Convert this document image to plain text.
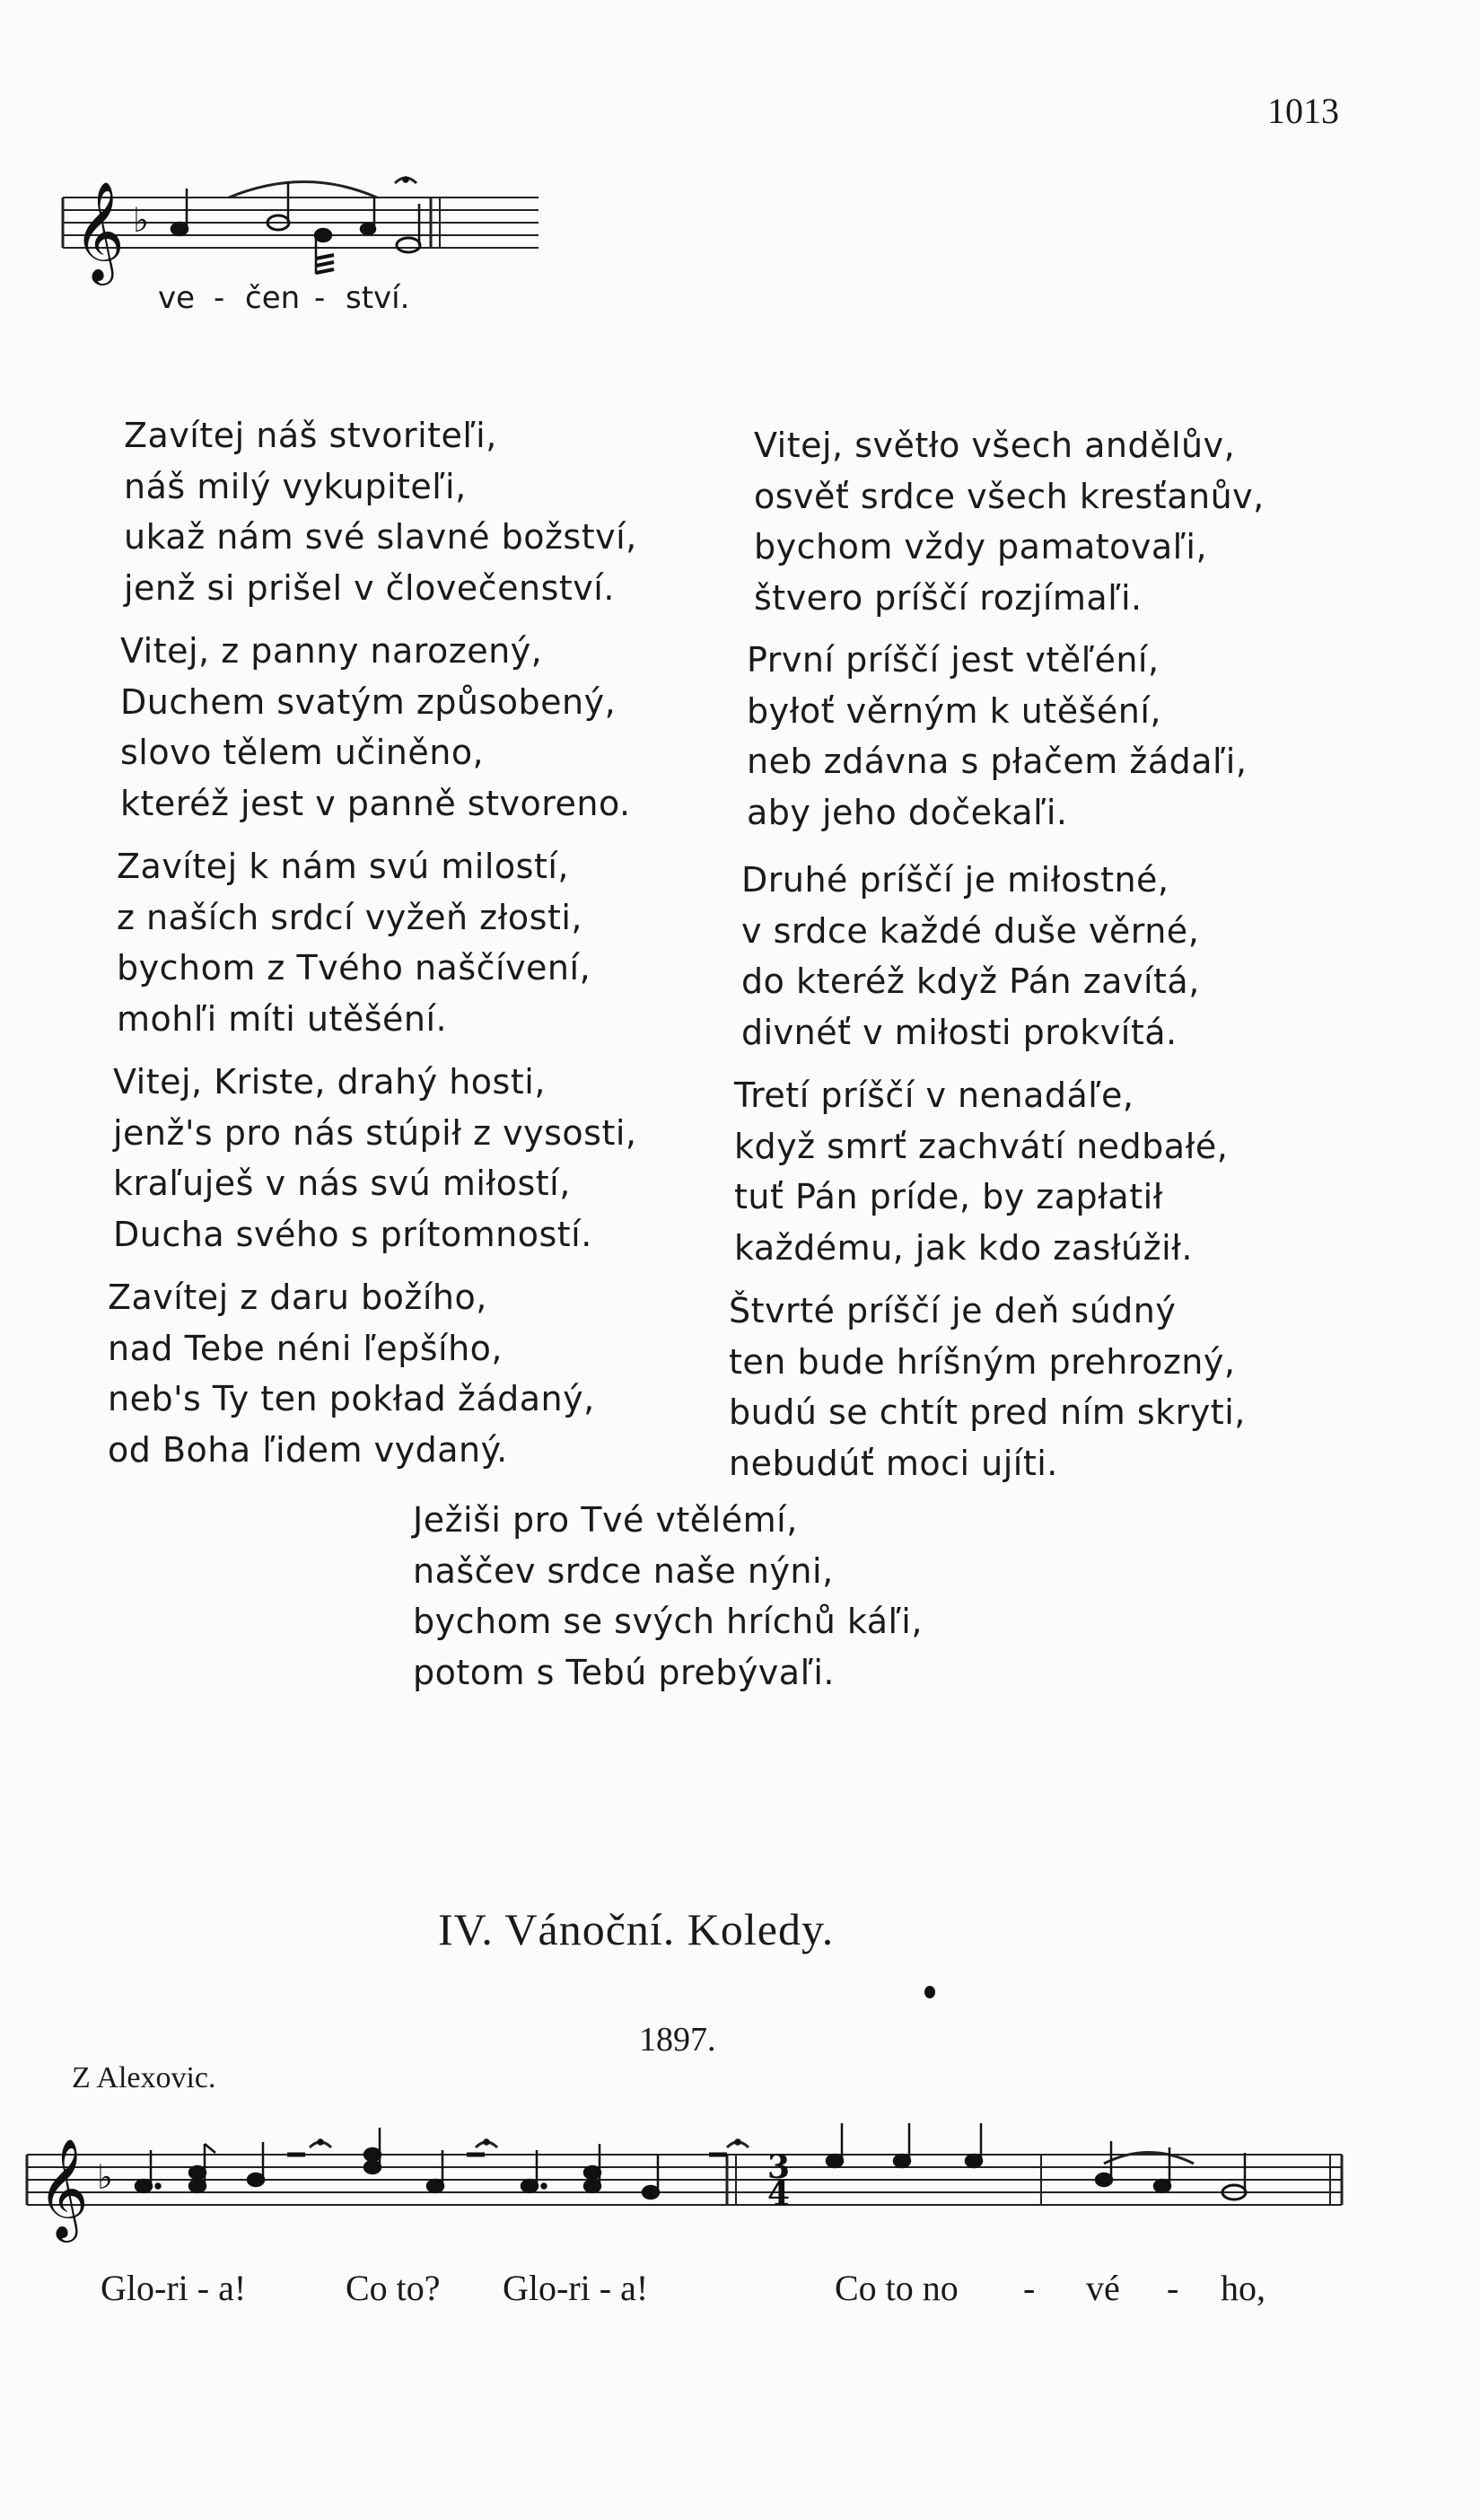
1013
𝄞 ♭
ve - čen - ství.
Zavítej náš stvoriteľi,
náš milý vykupiteľi,
ukaž nám své slavné božství,
jenž si prišel v človečenství.
Vitej, z panny narozený,
Duchem svatým způsobený,
slovo tělem učiněno,
kteréž jest v panně stvoreno.
Zavítej k nám svú milostí,
z naších srdcí vyžeň złosti,
bychom z Tvého naščívení,
mohľi míti utěšéní.
Vitej, Kriste, drahý hosti,
jenž's pro nás stúpił z vysosti,
kraľuješ v nás svú miłostí,
Ducha svého s prítomností.
Zavítej z daru božího,
nad Tebe néni ľepšího,
neb's Ty ten pokład žádaný,
od Boha ľidem vydaný.
Vitej, světło všech andělův,
osvěť srdce všech kresťanův,
bychom vždy pamatovaľi,
štvero príščí rozjímaľi.
První príščí jest vtěľéní,
byłoť věrným k utěšéní,
neb zdávna s płačem žádaľi,
aby jeho dočekaľi.
Druhé príščí je miłostné,
v srdce každé duše věrné,
do kteréž když Pán zavítá,
divnéť v miłosti prokvítá.
Tretí príščí v nenadáľe,
když smrť zachvátí nedbałé,
tuť Pán príde, by zapłatił
každému, jak kdo zasłúžił.
Štvrté príščí je deň súdný
ten bude hríšným prehrozný,
budú se chtít pred ním skryti,
nebudúť moci ujíti.
Ježiši pro Tvé vtělémí,
naščev srdce naše nýni,
bychom se svých hríchů káľi,
potom s Tebú prebývaľi.
IV. Vánoční. Koledy.
1897.
Z Alexovic.
𝄞 ♭	3
4
Glo-ri - a!	Co to? Glo-ri - a!	Co to no - vé - ho,
